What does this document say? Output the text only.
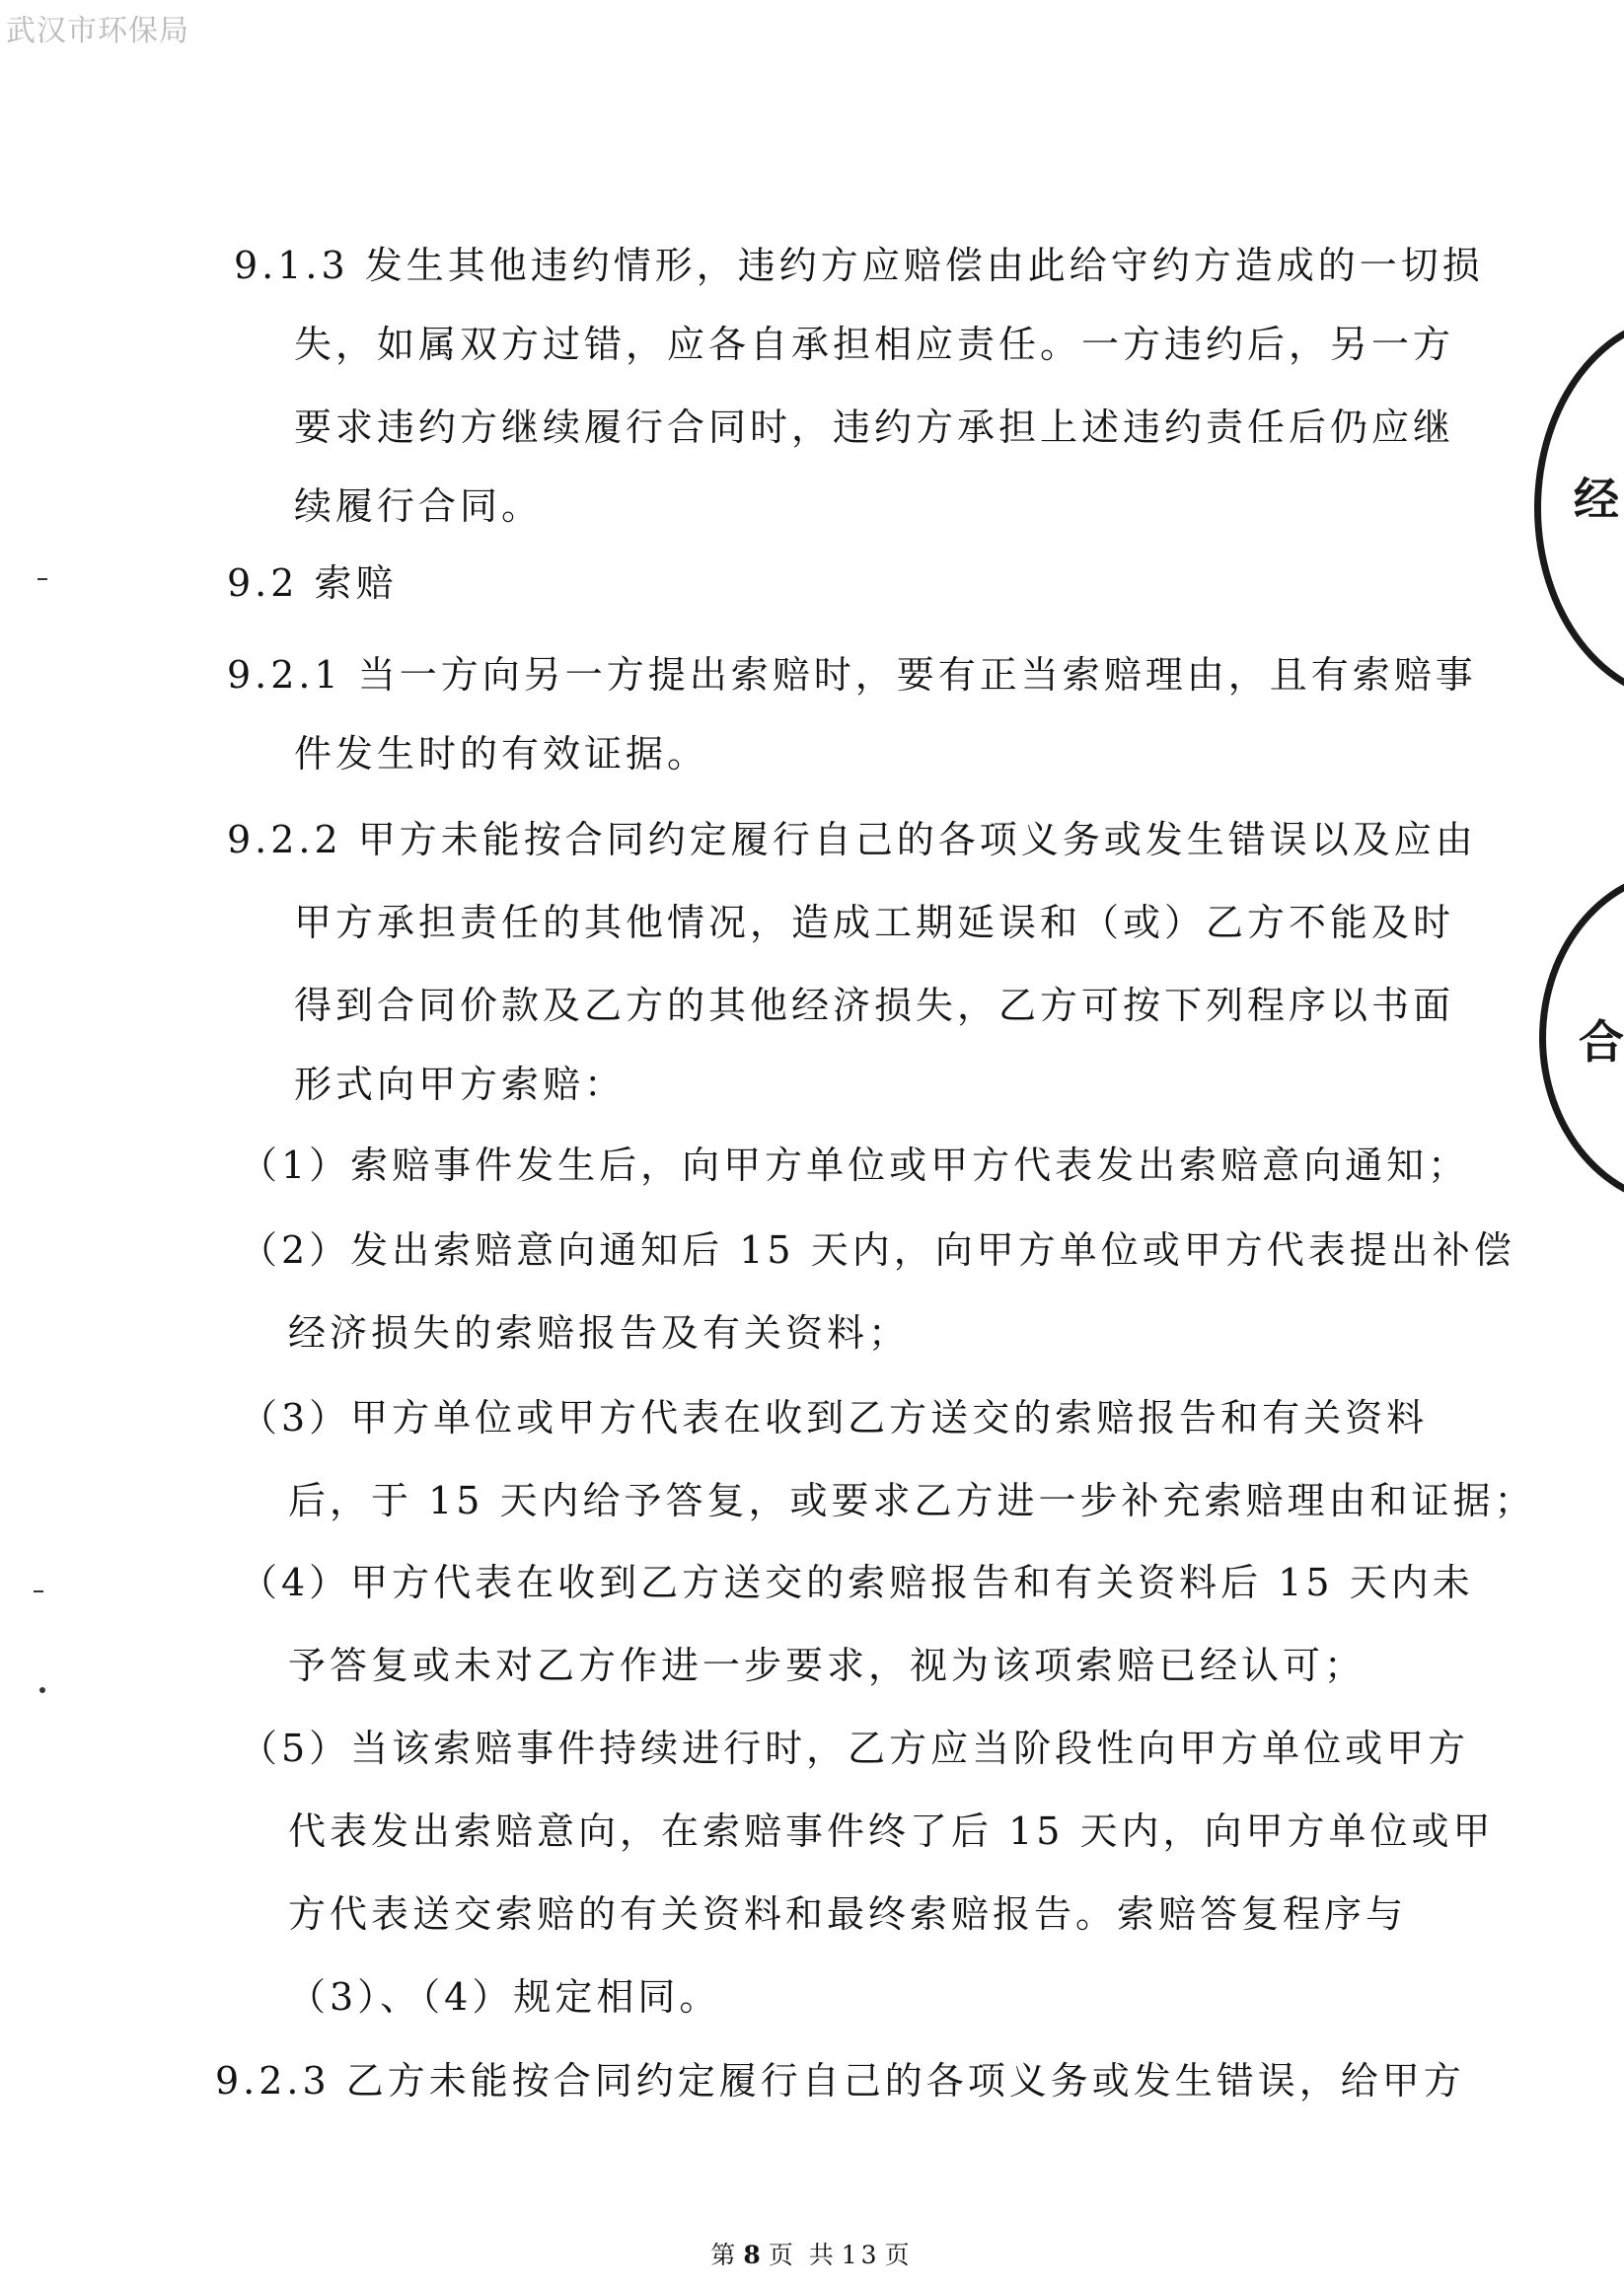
武汉市环保局
9.1.3 发生其他违约情形，违约方应赔偿由此给守约方造成的一切损
失，如属双方过错，应各自承担相应责任。一方违约后，另一方
要求违约方继续履行合同时，违约方承担上述违约责任后仍应继
续履行合同。
9.2 索赔
9.2.1 当一方向另一方提出索赔时，要有正当索赔理由，且有索赔事
件发生时的有效证据。
9.2.2 甲方未能按合同约定履行自己的各项义务或发生错误以及应由
甲方承担责任的其他情况，造成工期延误和（或）乙方不能及时
得到合同价款及乙方的其他经济损失，乙方可按下列程序以书面
形式向甲方索赔：
（1）索赔事件发生后，向甲方单位或甲方代表发出索赔意向通知；
（2）发出索赔意向通知后 15 天内，向甲方单位或甲方代表提出补偿
经济损失的索赔报告及有关资料；
（3）甲方单位或甲方代表在收到乙方送交的索赔报告和有关资料
后，于 15 天内给予答复，或要求乙方进一步补充索赔理由和证据；
（4）甲方代表在收到乙方送交的索赔报告和有关资料后 15 天内未
予答复或未对乙方作进一步要求，视为该项索赔已经认可；
（5）当该索赔事件持续进行时，乙方应当阶段性向甲方单位或甲方
代表发出索赔意向，在索赔事件终了后 15 天内，向甲方单位或甲
方代表送交索赔的有关资料和最终索赔报告。索赔答复程序与
（3）、（4）规定相同。
9.2.3 乙方未能按合同约定履行自己的各项义务或发生错误，给甲方
第 8 页 共 13 页
经
合
